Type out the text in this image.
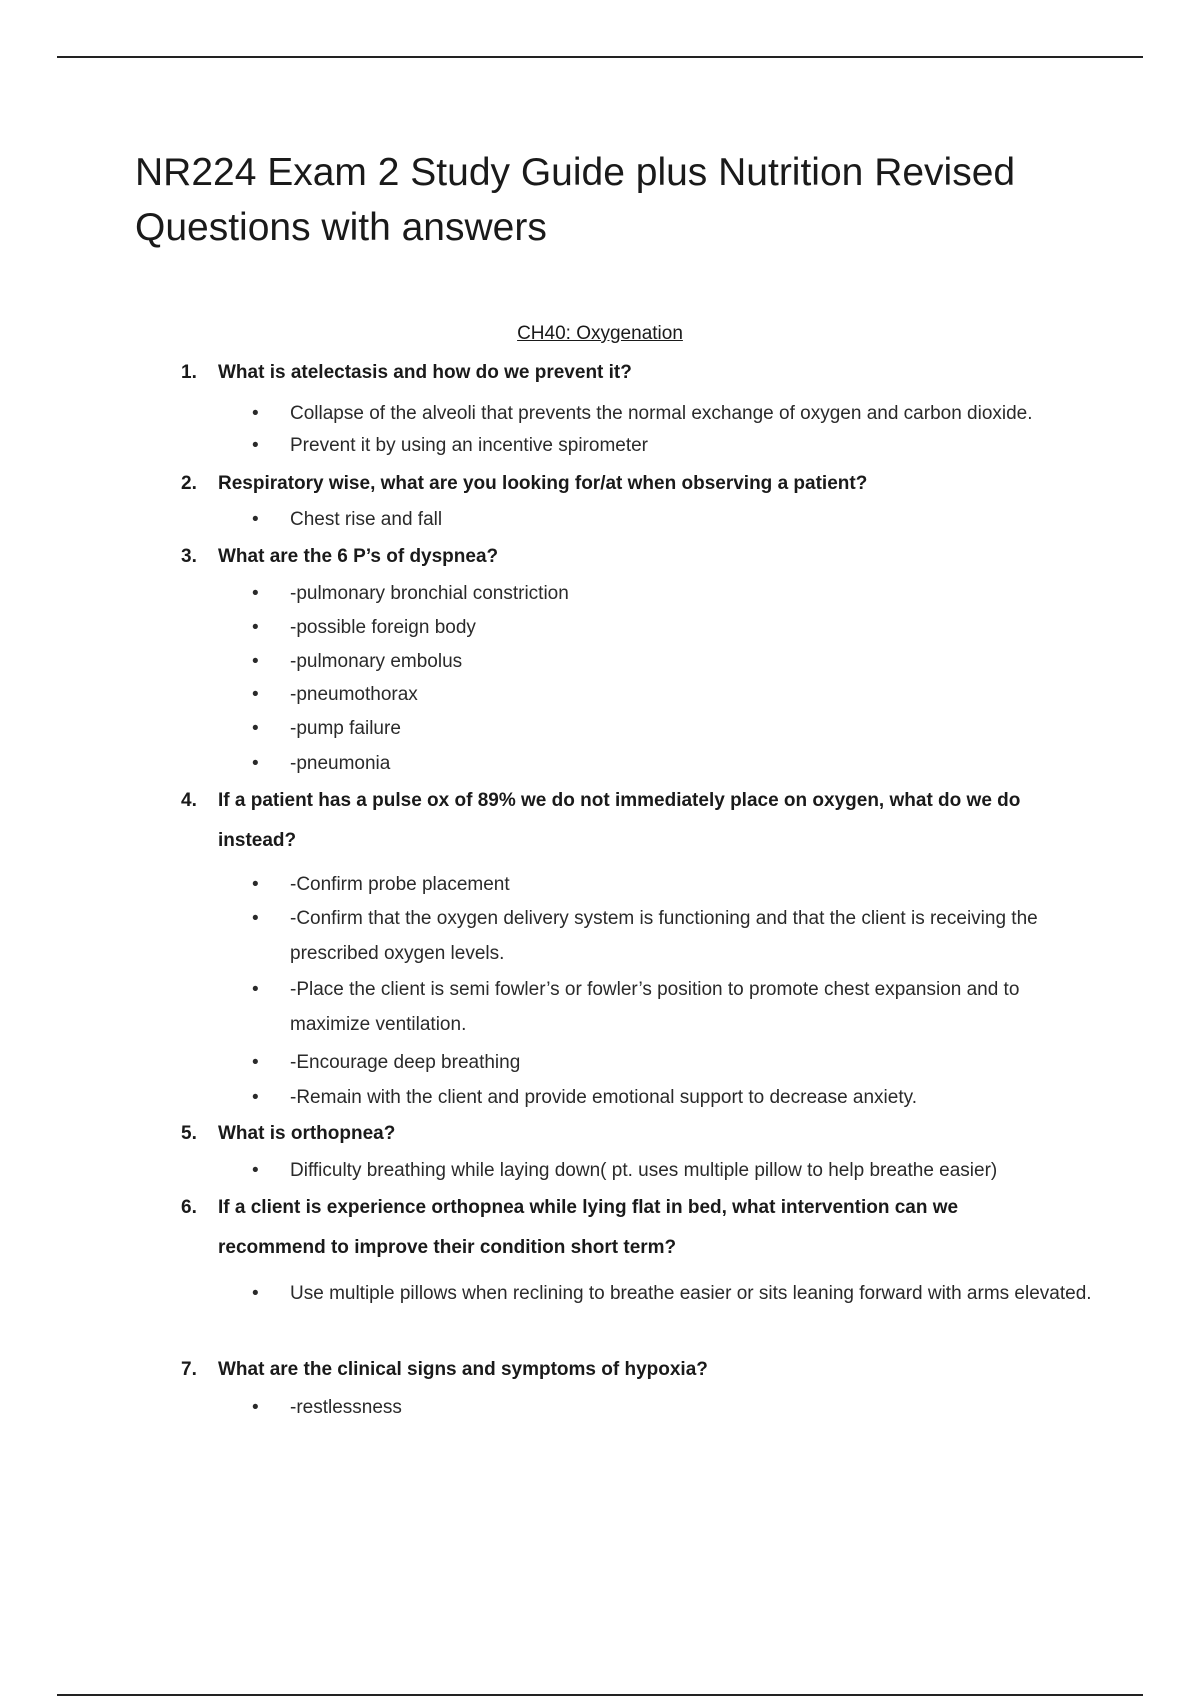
NR224 Exam 2 Study Guide plus Nutrition Revised Questions with answers
CH40: Oxygenation
1.	What is atelectasis and how do we prevent it?
•	Collapse of the alveoli that prevents the normal exchange of oxygen and carbon dioxide.
•	Prevent it by using an incentive spirometer
2.	Respiratory wise, what are you looking for/at when observing a patient?
•	Chest rise and fall
3.	What are the 6 P’s of dyspnea?
•	-pulmonary bronchial constriction
•	-possible foreign body
•	-pulmonary embolus
•	-pneumothorax
•	-pump failure
•	-pneumonia
4.	If a patient has a pulse ox of 89% we do not immediately place on oxygen, what do we do instead?
•	-Confirm probe placement
•	-Confirm that the oxygen delivery system is functioning and that the client is receiving the prescribed oxygen levels.
•	-Place the client is semi fowler’s or fowler’s position to promote chest expansion and to maximize ventilation.
•	-Encourage deep breathing
•	-Remain with the client and provide emotional support to decrease anxiety.
5.	What is orthopnea?
•	Difficulty breathing while laying down( pt. uses multiple pillow to help breathe easier)
6.	If a client is experience orthopnea while lying flat in bed, what intervention can we recommend to improve their condition short term?
•	Use multiple pillows when reclining to breathe easier or sits leaning forward with arms elevated.
7.	What are the clinical signs and symptoms of hypoxia?
•	-restlessness
